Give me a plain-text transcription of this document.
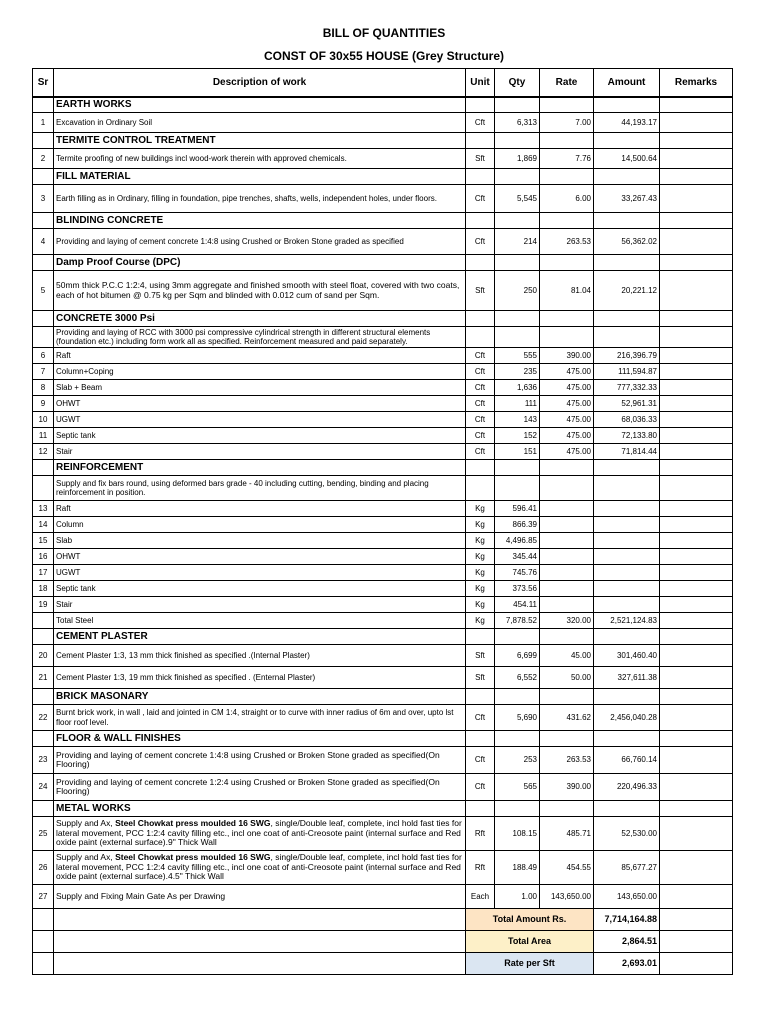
BILL OF QUANTITIES
CONST OF 30x55 HOUSE (Grey Structure)
Sr	Description of work	Unit	Qty	Rate	Amount	Remarks
	EARTH WORKS					
1	Excavation in Ordinary Soil	Cft	6,313	7.00	44,193.17	
	TERMITE CONTROL TREATMENT					
2	Termite proofing of new buildings incl wood-work therein with approved chemicals.	Sft	1,869	7.76	14,500.64	
	FILL MATERIAL					
3	Earth filling as in Ordinary, filling in foundation, pipe trenches, shafts, wells, independent holes, under floors.	Cft	5,545	6.00	33,267.43	
	BLINDING CONCRETE					
4	Providing and laying of cement concrete 1:4:8 using Crushed or Broken Stone graded as specified	Cft	214	263.53	56,362.02	
	Damp Proof Course (DPC)					
5	50mm thick P.C.C 1:2:4, using 3mm aggregate and finished smooth with steel float, covered with two coats, each of hot bitumen @ 0.75 kg per Sqm and blinded with 0.012 cum of sand per Sqm.	Sft	250	81.04	20,221.12	
	CONCRETE 3000 Psi					
	Providing and laying of RCC with 3000 psi compressive cylindrical strength in different structural elements (foundation etc.) including form work all as specified. Reinforcement measured and paid separately.					
6	Raft	Cft	555	390.00	216,396.79	
7	Column+Coping	Cft	235	475.00	111,594.87	
8	Slab + Beam	Cft	1,636	475.00	777,332.33	
9	OHWT	Cft	111	475.00	52,961.31	
10	UGWT	Cft	143	475.00	68,036.33	
11	Septic tank	Cft	152	475.00	72,133.80	
12	Stair	Cft	151	475.00	71,814.44	
	REINFORCEMENT					
	Supply and fix bars round, using deformed bars grade - 40 including cutting, bending, binding and placing reinforcement in position.					
13	Raft	Kg	596.41			
14	Column	Kg	866.39			
15	Slab	Kg	4,496.85			
16	OHWT	Kg	345.44			
17	UGWT	Kg	745.76			
18	Septic tank	Kg	373.56			
19	Stair	Kg	454.11			
	Total Steel	Kg	7,878.52	320.00	2,521,124.83	
	CEMENT PLASTER					
20	Cement Plaster 1:3, 13 mm thick finished as specified .(Internal Plaster)	Sft	6,699	45.00	301,460.40	
21	Cement Plaster 1:3, 19 mm thick finished as specified . (Enternal Plaster)	Sft	6,552	50.00	327,611.38	
	BRICK MASONARY					
22	Burnt brick work, in wall , laid and jointed in CM 1:4, straight or to curve with inner radius of 6m and over, upto lst floor roof level.	Cft	5,690	431.62	2,456,040.28	
	FLOOR & WALL FINISHES					
23	Providing and laying of cement concrete 1:4:8 using Crushed or Broken Stone graded as specified(On Flooring)	Cft	253	263.53	66,760.14	
24	Providing and laying of cement concrete 1:2:4 using Crushed or Broken Stone graded as specified(On Flooring)	Cft	565	390.00	220,496.33	
	METAL WORKS					
25	Supply and Ax, Steel Chowkat press moulded 16 SWG, single/Double leaf, complete, incl hold fast ties for lateral movement, PCC 1:2:4 cavity filling etc., incl one coat of anti-Creosote paint (internal surface and Red oxide paint (external surface).9" Thick Wall	Rft	108.15	485.71	52,530.00	
26	Supply and Ax, Steel Chowkat press moulded 16 SWG, single/Double leaf, complete, incl hold fast ties for lateral movement, PCC 1:2:4 cavity filling etc., incl one coat of anti-Creosote paint (internal surface and Red oxide paint (external surface).4.5" Thick Wall	Rft	188.49	454.55	85,677.27	
27	Supply and Fixing Main Gate As per Drawing	Each	1.00	143,650.00	143,650.00	
		Total Amount Rs.			7,714,164.88	
		Total Area			2,864.51	
		Rate per Sft			2,693.01	
